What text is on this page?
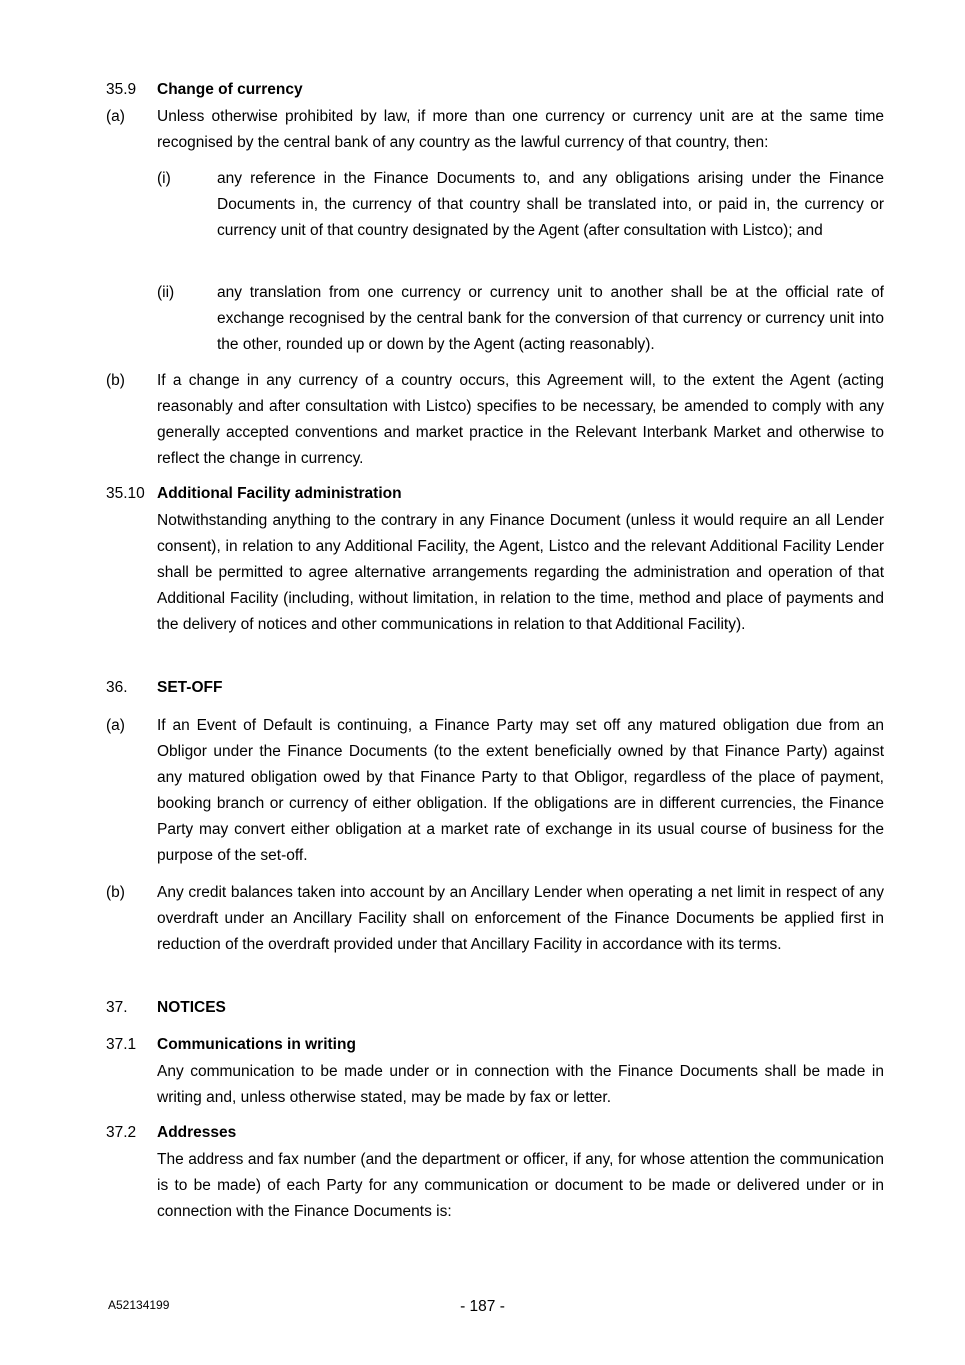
35.9 Change of currency
(a) Unless otherwise prohibited by law, if more than one currency or currency unit are at the same time recognised by the central bank of any country as the lawful currency of that country, then:
(i)	any reference in the Finance Documents to, and any obligations arising under the Finance Documents in, the currency of that country shall be translated into, or paid in, the currency or currency unit of that country designated by the Agent (after consultation with Listco); and
(ii)	any translation from one currency or currency unit to another shall be at the official rate of exchange recognised by the central bank for the conversion of that currency or currency unit into the other, rounded up or down by the Agent (acting reasonably).
(b) If a change in any currency of a country occurs, this Agreement will, to the extent the Agent (acting reasonably and after consultation with Listco) specifies to be necessary, be amended to comply with any generally accepted conventions and market practice in the Relevant Interbank Market and otherwise to reflect the change in currency.
35.10 Additional Facility administration
Notwithstanding anything to the contrary in any Finance Document (unless it would require an all Lender consent), in relation to any Additional Facility, the Agent, Listco and the relevant Additional Facility Lender shall be permitted to agree alternative arrangements regarding the administration and operation of that Additional Facility (including, without limitation, in relation to the time, method and place of payments and the delivery of notices and other communications in relation to that Additional Facility).
36. SET-OFF
(a) If an Event of Default is continuing, a Finance Party may set off any matured obligation due from an Obligor under the Finance Documents (to the extent beneficially owned by that Finance Party) against any matured obligation owed by that Finance Party to that Obligor, regardless of the place of payment, booking branch or currency of either obligation. If the obligations are in different currencies, the Finance Party may convert either obligation at a market rate of exchange in its usual course of business for the purpose of the set-off.
(b) Any credit balances taken into account by an Ancillary Lender when operating a net limit in respect of any overdraft under an Ancillary Facility shall on enforcement of the Finance Documents be applied first in reduction of the overdraft provided under that Ancillary Facility in accordance with its terms.
37. NOTICES
37.1 Communications in writing
Any communication to be made under or in connection with the Finance Documents shall be made in writing and, unless otherwise stated, may be made by fax or letter.
37.2 Addresses
The address and fax number (and the department or officer, if any, for whose attention the communication is to be made) of each Party for any communication or document to be made or delivered under or in connection with the Finance Documents is:
A52134199	- 187 -
